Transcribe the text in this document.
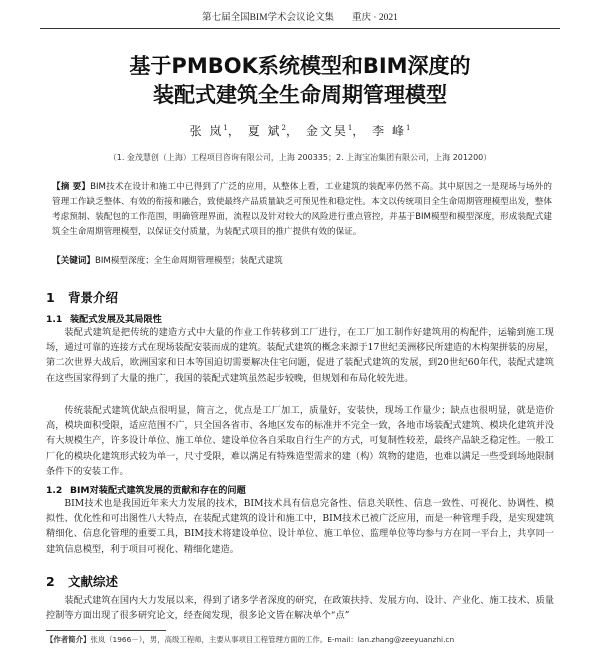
第七届全国BIM学术会议论文集 重庆 · 2021
基于PMBOK系统模型和BIM深度的
装配式建筑全生命周期管理模型
张 岚$^1$， 夏 斌$^2$， 金文昊$^1$， 李 峰$^1$
（1. 金茂慧创（上海）工程项目咨询有限公司，上海 200335；2. 上海宝冶集团有限公司，上海 201200）
【摘 要】BIM技术在设计和施工中已得到了广泛的应用，从整体上看，工业建筑的装配率仍然不高。其中原因之一是现场与场外的管理工作缺乏整体、有效的衔接和融合，致使最终产品质量缺乏可预见性和稳定性。本文以传统项目全生命周期管理模型出发，整体考虑预制、装配包的工作范围，明确管理界面，流程以及针对较大的风险进行重点管控，并基于BIM模型和模型深度，形成装配式建筑全生命周期管理模型，以保证交付质量，为装配式项目的推广提供有效的保证。
【关键词】BIM模型深度；全生命周期管理模型；装配式建筑
1 背景介绍
1.1 装配式发展及其局限性
装配式建筑是把传统的建造方式中大量的作业工作转移到工厂进行，在工厂加工制作好建筑用的构配件，运输到施工现场，通过可靠的连接方式在现场装配安装而成的建筑。装配式建筑的概念来源于17世纪美洲移民所建造的木构架拼装的房屋，第二次世界大战后，欧洲国家和日本等国迫切需要解决住宅问题，促进了装配式建筑的发展，到20世纪60年代，装配式建筑在这些国家得到了大量的推广，我国的装配式建筑虽然起步较晚，但规划和布局化较先进。
传统装配式建筑优缺点很明显，简言之，优点是工厂加工，质量好，安装快，现场工作量少；缺点也很明显，就是造价高，模块面积受限，适应范围不广，只全国各省市、各地区发布的标准并不完全一致，各地市场装配式建筑、模块化建筑并没有大规模生产，许多设计单位、施工单位、建设单位各自采取自行生产的方式，可复制性较差，最终产品缺乏稳定性。一般工厂化的模块化建筑形式较为单一，尺寸受限，难以满足有特殊造型需求的建（构）筑物的建造，也难以满足一些受到场地限制条件下的安装工作。
1.2 BIM对装配式建筑发展的贡献和存在的问题
BIM技术也是我国近年来大力发展的技术，BIM技术具有信息完备性、信息关联性、信息一致性、可视化、协调性、模拟性、优化性和可出图性八大特点，在装配式建筑的设计和施工中，BIM技术已被广泛应用，而是一种管理手段，是实现建筑精细化、信息化管理的重要工具，BIM技术将建设单位、设计单位、施工单位、监理单位等均参与方在同一平台上，共享同一建筑信息模型，利于项目可视化、精细化建造。
2 文献综述
装配式建筑在国内大力发展以来，得到了诸多学者深度的研究，在政策扶持、发展方向、设计、产业化、施工技术、质量控制等方面出现了很多研究论文，经查阅发现，很多论文皆在解决单个“点”
【作者简介】张岚（1966－），男，高级工程师，主要从事项目工程管理方面的工作。E-mail：lan.zhang@zeeyuanzhi.cn
